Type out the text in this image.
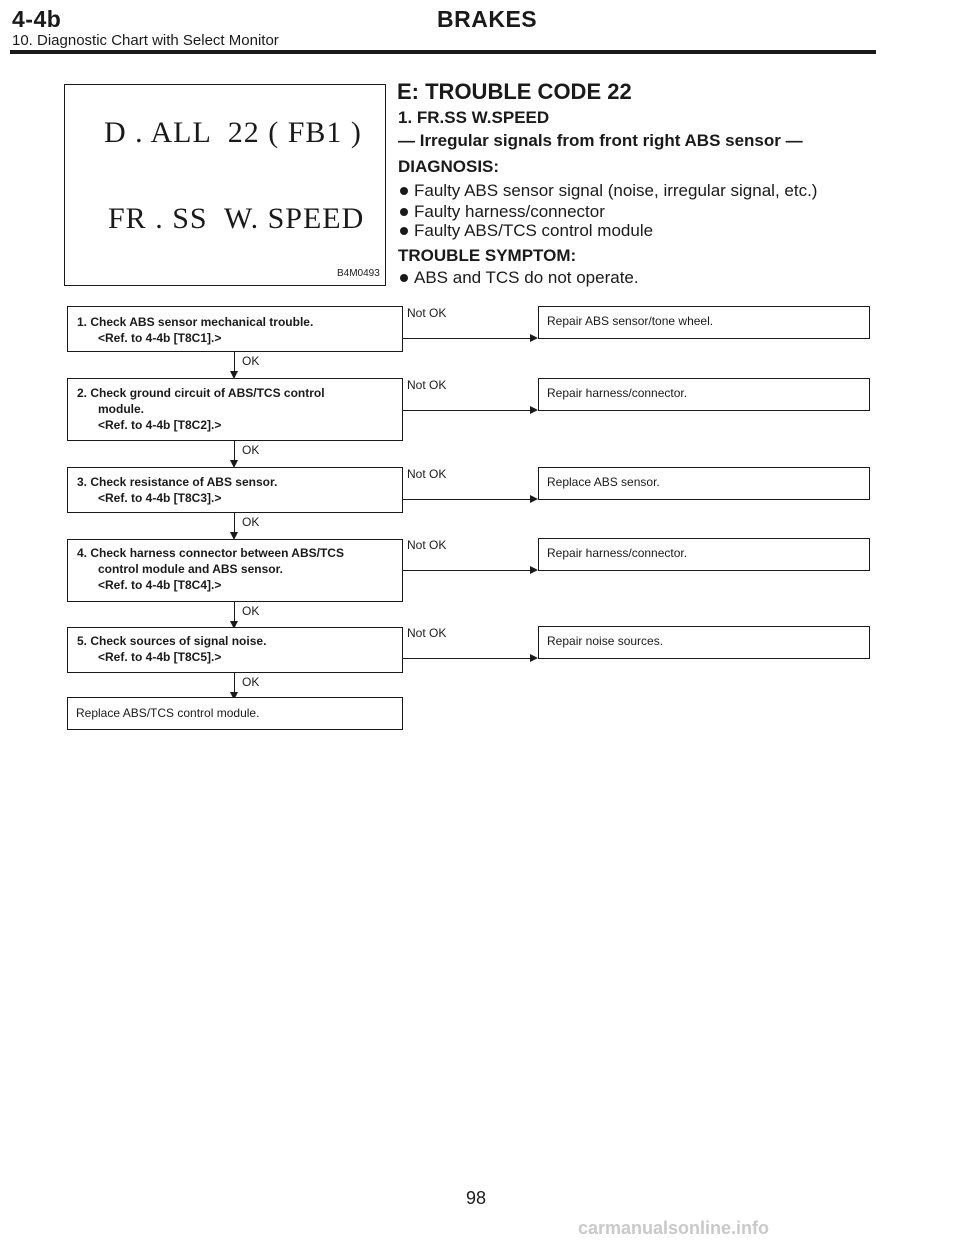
4-4b	BRAKES
10. Diagnostic Chart with Select Monitor
D . ALL  22 ( FB1 )
FR . SS  W. SPEED
B4M0493
E: TROUBLE CODE 22
1. FR.SS W.SPEED
— Irregular signals from front right ABS sensor —
DIAGNOSIS:
Faulty ABS sensor signal (noise, irregular signal, etc.)
Faulty harness/connector
Faulty ABS/TCS control module
TROUBLE SYMPTOM:
ABS and TCS do not operate.
1. Check ABS sensor mechanical trouble.
<Ref. to 4-4b [T8C1].>
Not OK
Repair ABS sensor/tone wheel.
OK
2. Check ground circuit of ABS/TCS control
module.
<Ref. to 4-4b [T8C2].>
Not OK
Repair harness/connector.
OK
3. Check resistance of ABS sensor.
<Ref. to 4-4b [T8C3].>
Not OK
Replace ABS sensor.
OK
4. Check harness connector between ABS/TCS
control module and ABS sensor.
<Ref. to 4-4b [T8C4].>
Not OK
Repair harness/connector.
OK
5. Check sources of signal noise.
<Ref. to 4-4b [T8C5].>
Not OK
Repair noise sources.
OK
Replace ABS/TCS control module.
98
carmanualsonline.info
